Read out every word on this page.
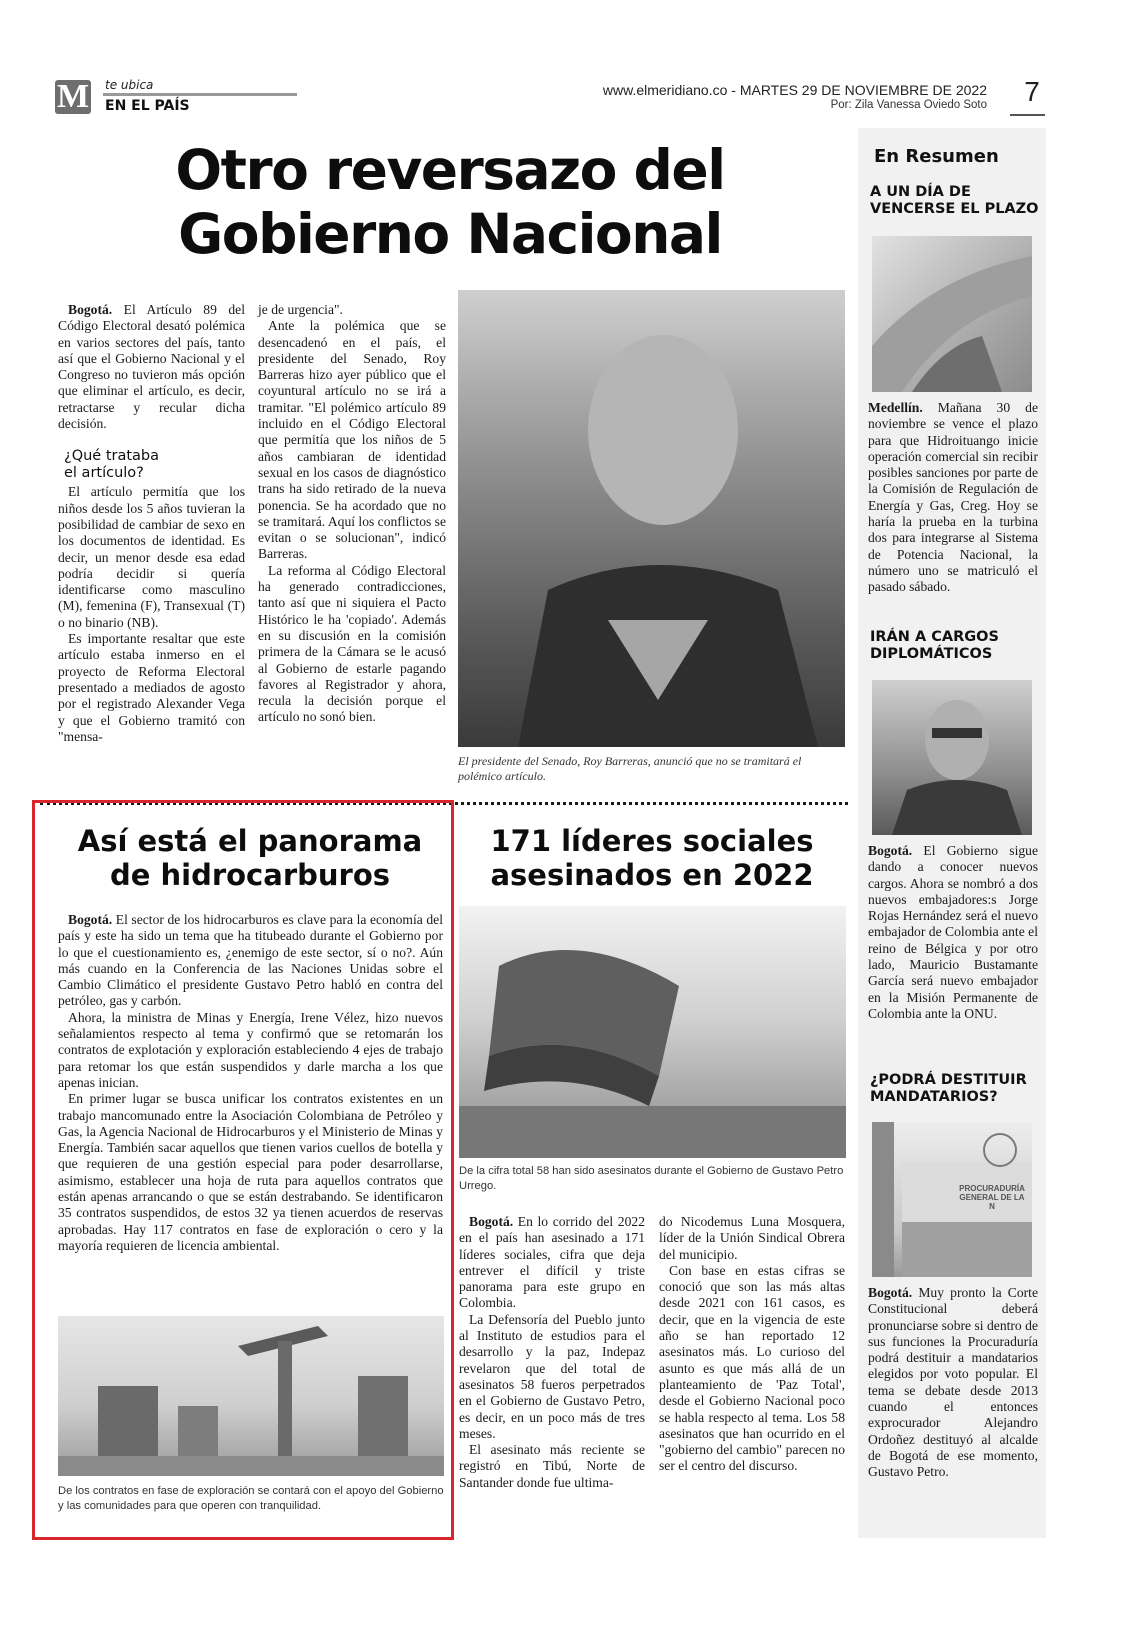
M te ubica
EN EL PAÍS
www.elmeridiano.co - MARTES 29 DE NOVIEMBRE DE 2022
Por: Zila Vanessa Oviedo Soto 7
Otro reversazo del
Gobierno Nacional

Bogotá. El Artículo 89 del Código Electoral desató polémica en varios sectores del país, tanto así que el Gobierno Nacional y el Congreso no tuvieron más opción que eliminar el artículo, es decir, retractarse y recular dicha decisión.

¿Qué trataba
el artículo?

El artículo permitía que los niños desde los 5 años tuvieran la posibilidad de cambiar de sexo en los documentos de identidad. Es decir, un menor desde esa edad podría decidir si quería identificarse como masculino (M), femenina (F), Transexual (T) o no binario (NB).

Es importante resaltar que este artículo estaba inmerso en el proyecto de Reforma Electoral presentado a mediados de agosto por el registrado Alexander Vega y que el Gobierno tramitó con "mensa-

je de urgencia".

Ante la polémica que se desencadenó en el país, el presidente del Senado, Roy Barreras hizo ayer público que el coyuntural artículo no se irá a tramitar. "El polémico artículo 89 incluido en el Código Electoral que permitía que los niños de 5 años cambiaran de identidad sexual en los casos de diagnóstico trans ha sido retirado de la nueva ponencia. Se ha acordado que no se tramitará. Aquí los conflictos se evitan o se solucionan", indicó Barreras.

La reforma al Código Electoral ha generado contradicciones, tanto así que ni siquiera el Pacto Histórico le ha 'copiado'. Además en su discusión en la comisión primera de la Cámara se le acusó al Gobierno de estarle pagando favores al Registrador y ahora, recula la decisión porque el artículo no sonó bien.

El presidente del Senado, Roy Barreras, anunció que no se tramitará el polémico artículo.
Así está el panorama
de hidrocarburos

Bogotá. El sector de los hidrocarburos es clave para la economía del país y este ha sido un tema que ha titubeado durante el Gobierno por lo que el cuestionamiento es, ¿enemigo de este sector, sí o no?. Aún más cuando en la Conferencia de las Naciones Unidas sobre el Cambio Climático el presidente Gustavo Petro habló en contra del petróleo, gas y carbón.

Ahora, la ministra de Minas y Energía, Irene Vélez, hizo nuevos señalamientos respecto al tema y confirmó que se retomarán los contratos de explotación y exploración estableciendo 4 ejes de trabajo para retomar los que están suspendidos y darle marcha a los que apenas inician.

En primer lugar se busca unificar los contratos existentes en un trabajo mancomunado entre la Asociación Colombiana de Petróleo y Gas, la Agencia Nacional de Hidrocarburos y el Ministerio de Minas y Energía. También sacar aquellos que tienen varios cuellos de botella y que requieren de una gestión especial para poder desarrollarse, asimismo, establecer una hoja de ruta para aquellos contratos que están apenas arrancando o que se están destrabando. Se identificaron 35 contratos suspendidos, de estos 32 ya tienen acuerdos de reservas aprobadas. Hay 117 contratos en fase de exploración o cero y la mayoría requieren de licencia ambiental.

De los contratos en fase de exploración se contará con el apoyo del Gobierno y las comunidades para que operen con tranquilidad.
171 líderes sociales
asesinados en 2022
De la cifra total 58 han sido asesinatos durante el Gobierno de Gustavo Petro Urrego.

Bogotá. En lo corrido del 2022 en el país han asesinado a 171 líderes sociales, cifra que deja entrever el difícil y triste panorama para este grupo en Colombia.

La Defensoría del Pueblo junto al Instituto de estudios para el desarrollo y la paz, Indepaz revelaron que del total de asesinatos 58 fueros perpetrados en el Gobierno de Gustavo Petro, es decir, en un poco más de tres meses.

El asesinato más reciente se registró en Tibú, Norte de Santander donde fue ultima-

do Nicodemus Luna Mosquera, líder de la Unión Sindical Obrera del municipio.

Con base en estas cifras se conoció que son las más altas desde 2021 con 161 casos, es decir, que en la vigencia de este año se han reportado 12 asesinatos más. Lo curioso del asunto es que más allá de un planteamiento de 'Paz Total', desde el Gobierno Nacional poco se habla respecto al tema. Los 58 asesinatos que han ocurrido en el "gobierno del cambio" parecen no ser el centro del discurso.

En Resumen
A UN DÍA DE
VENCERSE EL PLAZO
Medellín. Mañana 30 de noviembre se vence el plazo para que Hidroituango inicie operación comercial sin recibir posibles sanciones por parte de la Comisión de Regulación de Energía y Gas, Creg. Hoy se haría la prueba en la turbina dos para integrarse al Sistema de Potencia Nacional, la número uno se matriculó el pasado sábado.
IRÁN A CARGOS
DIPLOMÁTICOS
Bogotá. El Gobierno sigue dando a conocer nuevos cargos. Ahora se nombró a dos nuevos embajadores:s Jorge Rojas Hernández será el nuevo embajador de Colombia ante el reino de Bélgica y por otro lado, Mauricio Bustamante García será nuevo embajador en la Misión Permanente de Colombia ante la ONU.
¿PODRÁ DESTITUIR
MANDATARIOS?
PROCURADURÍA
GENERAL DE LA N
Bogotá. Muy pronto la Corte Constitucional deberá pronunciarse sobre si dentro de sus funciones la Procuraduría podrá destituir a mandatarios elegidos por voto popular. El tema se debate desde 2013 cuando el entonces exprocurador Alejandro Ordoñez destituyó al alcalde de Bogotá de ese momento, Gustavo Petro.
